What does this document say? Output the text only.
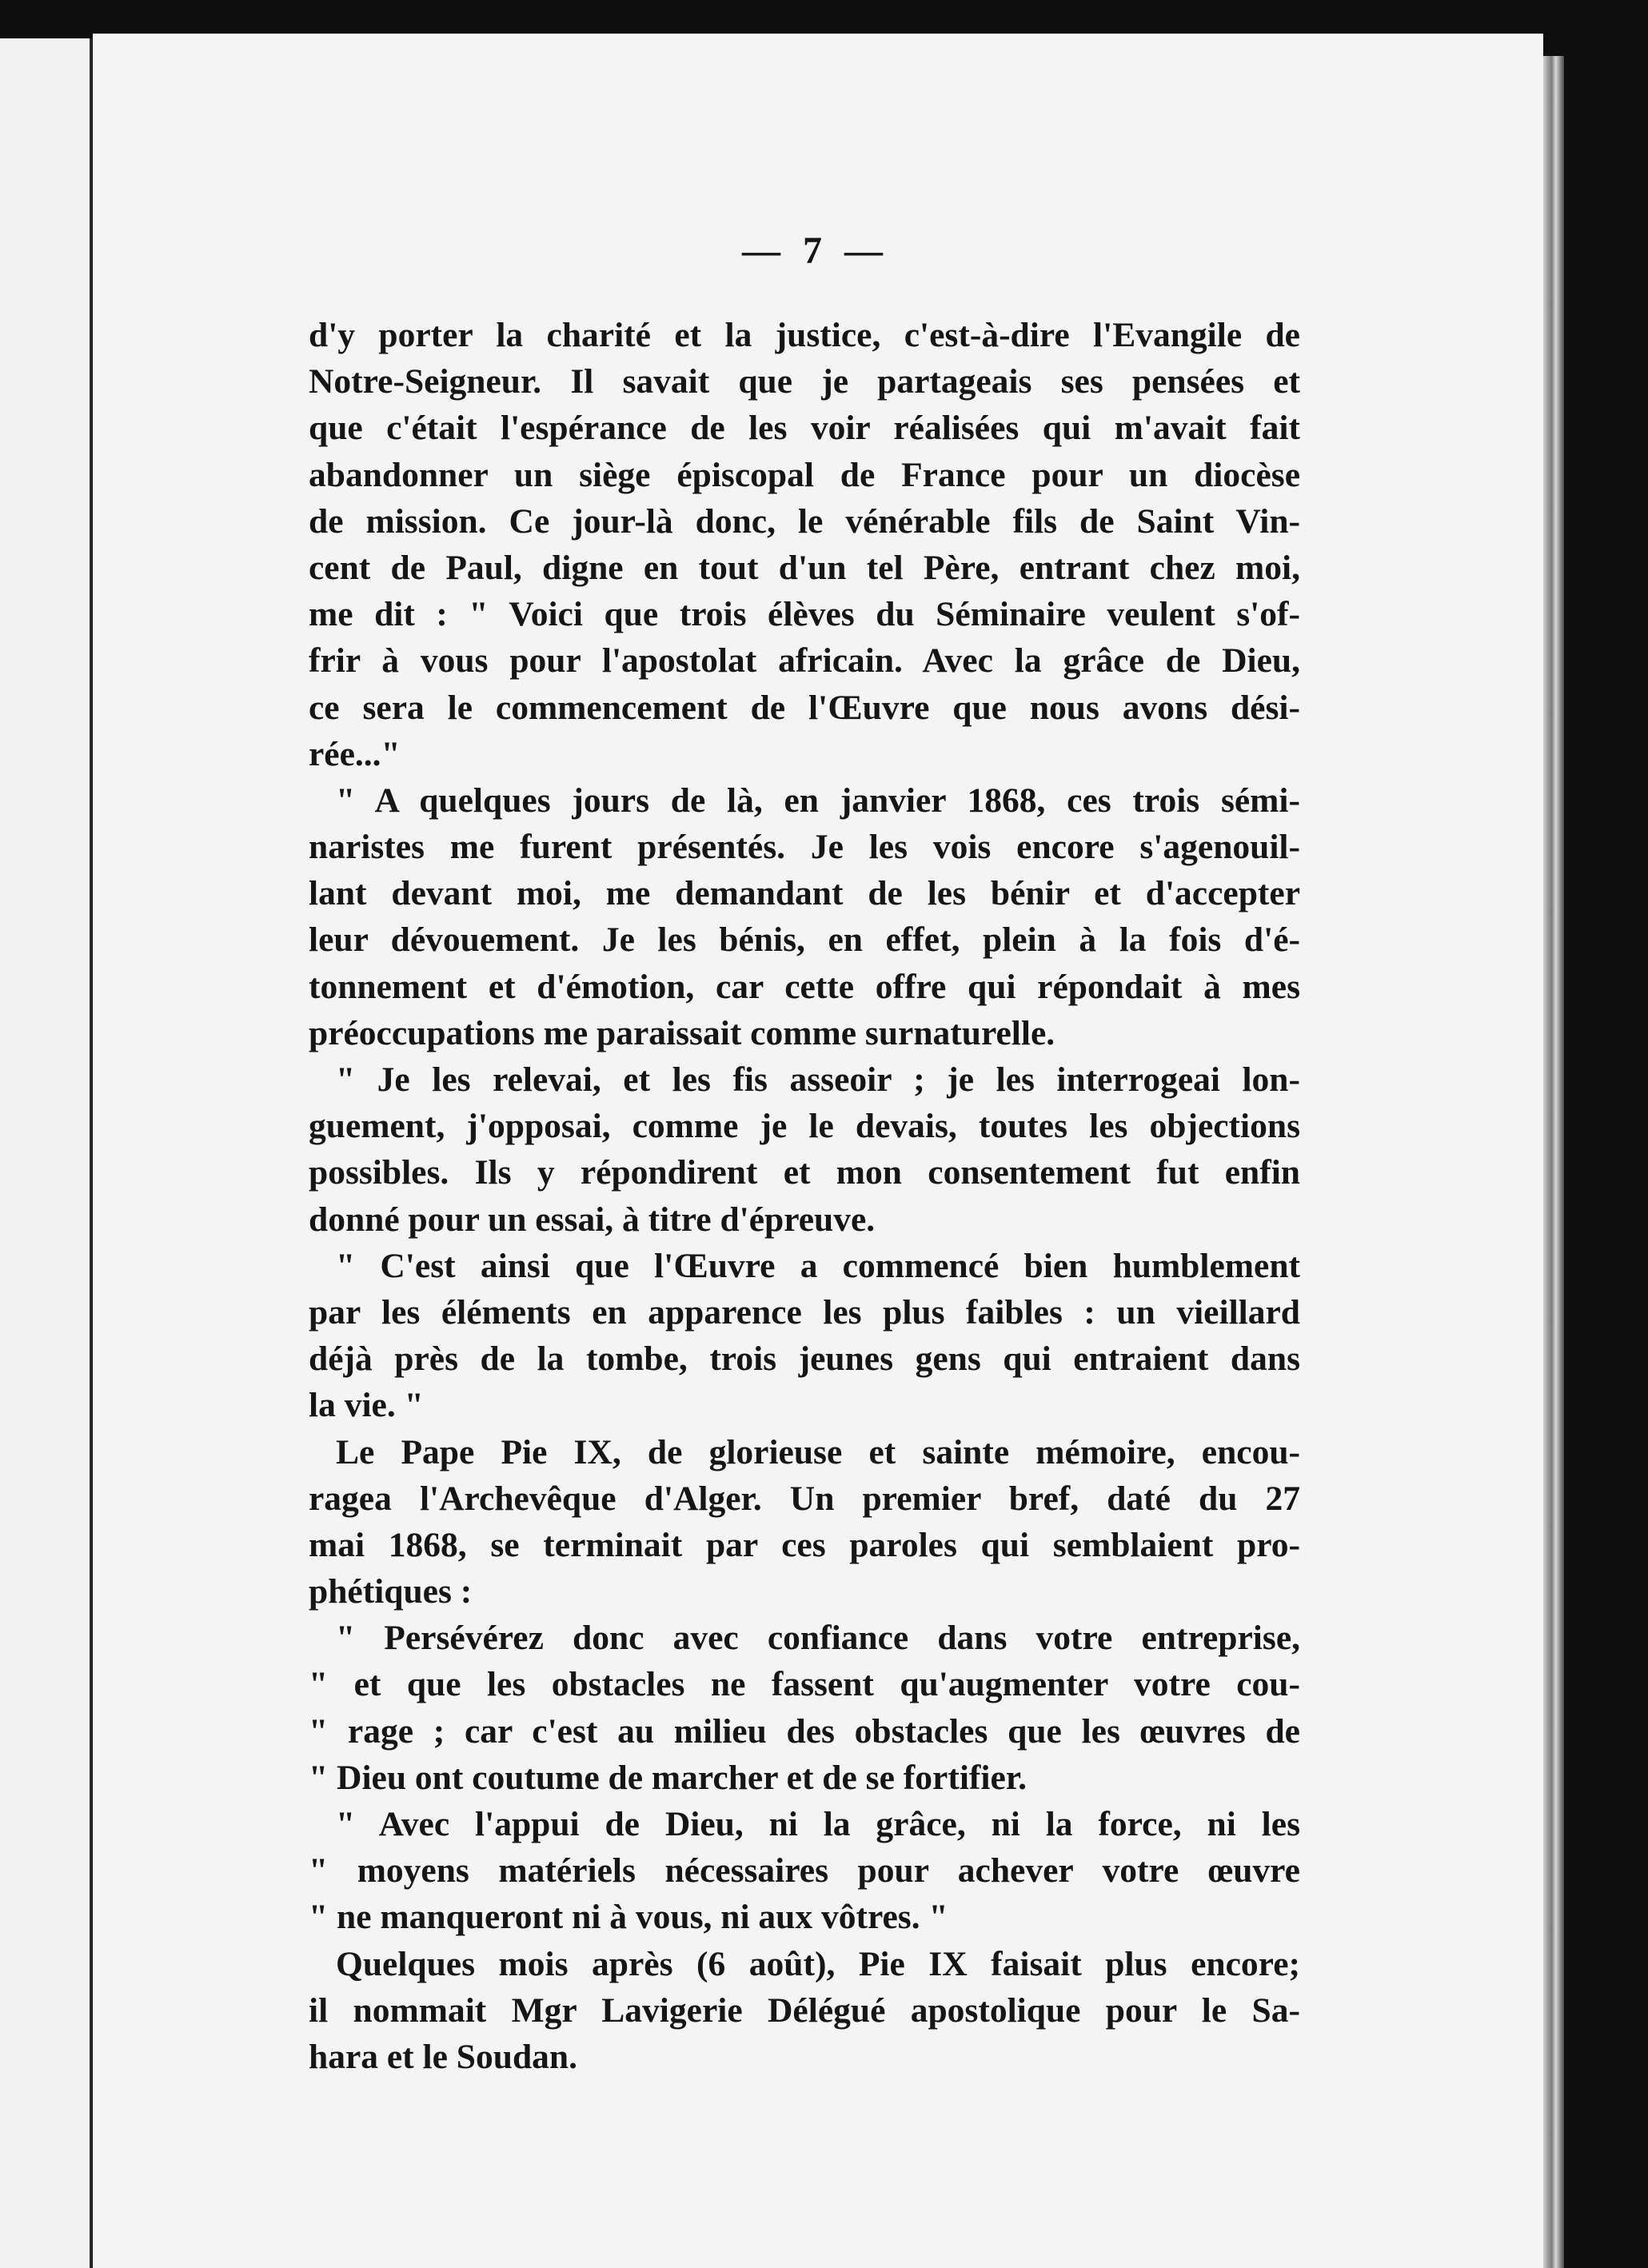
— 7 —
d'y porter la charité et la justice, c'est-à-dire l'Evangile de
Notre-Seigneur. Il savait que je partageais ses pensées et
que c'était l'espérance de les voir réalisées qui m'avait fait
abandonner un siège épiscopal de France pour un diocèse
de mission. Ce jour-là donc, le vénérable fils de Saint Vin-
cent de Paul, digne en tout d'un tel Père, entrant chez moi,
me dit : " Voici que trois élèves du Séminaire veulent s'of-
frir à vous pour l'apostolat africain. Avec la grâce de Dieu,
ce sera le commencement de l'Œuvre que nous avons dési-
rée..."
" A quelques jours de là, en janvier 1868, ces trois sémi-
naristes me furent présentés. Je les vois encore s'agenouil-
lant devant moi, me demandant de les bénir et d'accepter
leur dévouement. Je les bénis, en effet, plein à la fois d'é-
tonnement et d'émotion, car cette offre qui répondait à mes
préoccupations me paraissait comme surnaturelle.
" Je les relevai, et les fis asseoir ; je les interrogeai lon-
guement, j'opposai, comme je le devais, toutes les objections
possibles. Ils y répondirent et mon consentement fut enfin
donné pour un essai, à titre d'épreuve.
" C'est ainsi que l'Œuvre a commencé bien humblement
par les éléments en apparence les plus faibles : un vieillard
déjà près de la tombe, trois jeunes gens qui entraient dans
la vie. "
Le Pape Pie IX, de glorieuse et sainte mémoire, encou-
ragea l'Archevêque d'Alger. Un premier bref, daté du 27
mai 1868, se terminait par ces paroles qui semblaient pro-
phétiques :
" Persévérez donc avec confiance dans votre entreprise,
" et que les obstacles ne fassent qu'augmenter votre cou-
" rage ; car c'est au milieu des obstacles que les œuvres de
" Dieu ont coutume de marcher et de se fortifier.
" Avec l'appui de Dieu, ni la grâce, ni la force, ni les
" moyens matériels nécessaires pour achever votre œuvre
" ne manqueront ni à vous, ni aux vôtres. "
Quelques mois après (6 août), Pie IX faisait plus encore;
il nommait Mgr Lavigerie Délégué apostolique pour le Sa-
hara et le Soudan.
